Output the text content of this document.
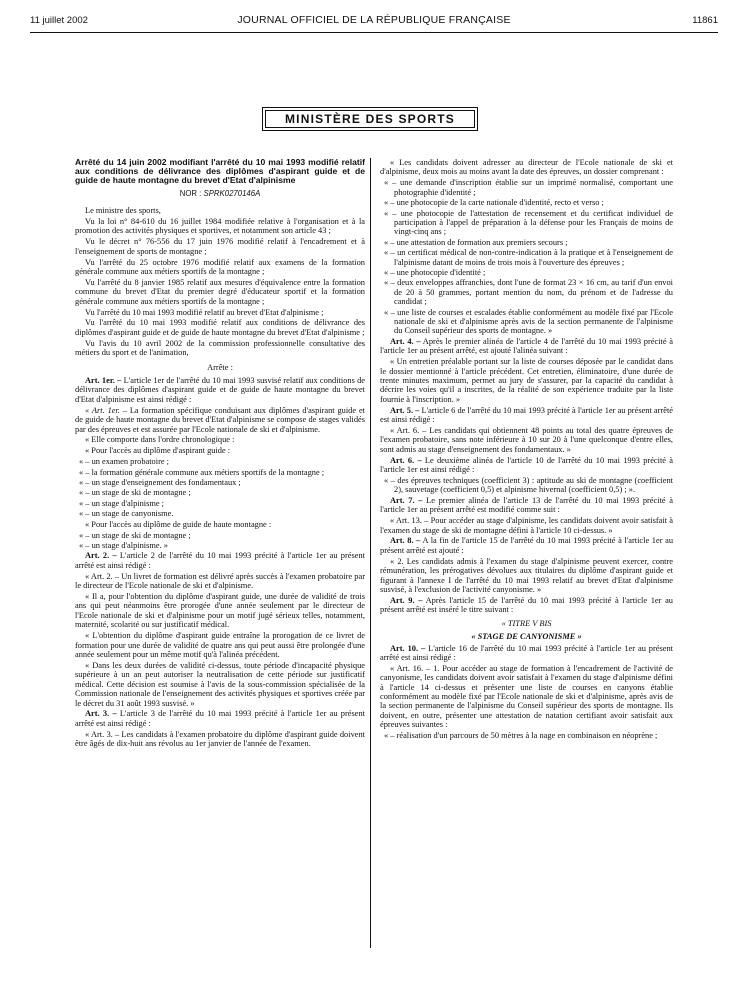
11 juillet 2002	JOURNAL OFFICIEL DE LA RÉPUBLIQUE FRANÇAISE	11861
MINISTÈRE DES SPORTS

Arrêté du 14 juin 2002 modifiant l'arrêté du 10 mai 1993 modifié relatif aux conditions de délivrance des diplômes d'aspirant guide et de guide de haute montagne du brevet d'Etat d'alpinisme

NOR : SPRK0270146A

Le ministre des sports,

Vu la loi n° 84-610 du 16 juillet 1984 modifiée relative à l'organisation et à la promotion des activités physiques et sportives, et notamment son article 43 ;

Vu le décret n° 76-556 du 17 juin 1976 modifié relatif à l'encadrement et à l'enseignement de sports de montagne ;

Vu l'arrêté du 25 octobre 1976 modifié relatif aux examens de la formation générale commune aux métiers sportifs de la montagne ;

Vu l'arrêté du 8 janvier 1985 relatif aux mesures d'équivalence entre la formation commune du brevet d'Etat du premier degré d'éducateur sportif et la formation générale commune aux métiers sportifs de la montagne ;

Vu l'arrêté du 10 mai 1993 modifié relatif au brevet d'Etat d'alpinisme ;

Vu l'arrêté du 10 mai 1993 modifié relatif aux conditions de délivrance des diplômes d'aspirant guide et de guide de haute montagne du brevet d'Etat d'alpinisme ;

Vu l'avis du 10 avril 2002 de la commission professionnelle consultative des métiers du sport et de l'animation,

Arrête :

Art. 1er. – L'article 1er de l'arrêté du 10 mai 1993 susvisé relatif aux conditions de délivrance des diplômes d'aspirant guide et de guide de haute montagne du brevet d'Etat d'alpinisme est ainsi rédigé :

« Art. 1er. – La formation spécifique conduisant aux diplômes d'aspirant guide et de guide de haute montagne du brevet d'Etat d'alpinisme se compose de stages validés par des épreuves et est assurée par l'Ecole nationale de ski et d'alpinisme.

« Elle comporte dans l'ordre chronologique :

« Pour l'accès au diplôme d'aspirant guide :

« – un examen probatoire ;

« – la formation générale commune aux métiers sportifs de la montagne ;

« – un stage d'enseignement des fondamentaux ;

« – un stage de ski de montagne ;

« – un stage d'alpinisme ;

« – un stage de canyonisme.

« Pour l'accès au diplôme de guide de haute montagne :

« – un stage de ski de montagne ;

« – un stage d'alpinisme. »

Art. 2. – L'article 2 de l'arrêté du 10 mai 1993 précité à l'article 1er au présent arrêté est ainsi rédigé :

« Art. 2. – Un livret de formation est délivré après succès à l'examen probatoire par le directeur de l'Ecole nationale de ski et d'alpinisme.

« Il a, pour l'obtention du diplôme d'aspirant guide, une durée de validité de trois ans qui peut néanmoins être prorogée d'une année seulement par le directeur de l'Ecole nationale de ski et d'alpinisme pour un motif jugé sérieux telles, notamment, maternité, scolarité ou sur justificatif médical.

« L'obtention du diplôme d'aspirant guide entraîne la prorogation de ce livret de formation pour une durée de validité de quatre ans qui peut aussi être prolongée d'une année seulement pour un même motif qu'à l'alinéa précédent.

« Dans les deux durées de validité ci-dessus, toute période d'incapacité physique supérieure à un an peut autoriser la neutralisation de cette période sur justificatif médical. Cette décision est soumise à l'avis de la sous-commission spécialisée de la Commission nationale de l'enseignement des activités physiques et sportives créée par le décret du 31 août 1993 susvisé. »

Art. 3. – L'article 3 de l'arrêté du 10 mai 1993 précité à l'article 1er au présent arrêté est ainsi rédigé :

« Art. 3. – Les candidats à l'examen probatoire du diplôme d'aspirant guide doivent être âgés de dix-huit ans révolus au 1er janvier de l'année de l'examen.

« Les candidats doivent adresser au directeur de l'Ecole nationale de ski et d'alpinisme, deux mois au moins avant la date des épreuves, un dossier comprenant :

« – une demande d'inscription établie sur un imprimé normalisé, comportant une photographie d'identité ;

« – une photocopie de la carte nationale d'identité, recto et verso ;

« – une photocopie de l'attestation de recensement et du certificat individuel de participation à l'appel de préparation à la défense pour les Français de moins de vingt-cinq ans ;

« – une attestation de formation aux premiers secours ;

« – un certificat médical de non-contre-indication à la pratique et à l'enseignement de l'alpinisme datant de moins de trois mois à l'ouverture des épreuves ;

« – une photocopie d'identité ;

« – deux enveloppes affranchies, dont l'une de format 23 × 16 cm, au tarif d'un envoi de 20 à 50 grammes, portant mention du nom, du prénom et de l'adresse du candidat ;

« – une liste de courses et escalades établie conformément au modèle fixé par l'Ecole nationale de ski et d'alpinisme après avis de la section permanente de l'alpinisme du Conseil supérieur des sports de montagne. »

Art. 4. – Après le premier alinéa de l'article 4 de l'arrêté du 10 mai 1993 précité à l'article 1er au présent arrêté, est ajouté l'alinéa suivant :

« Un entretien préalable portant sur la liste de courses déposée par le candidat dans le dossier mentionné à l'article précédent. Cet entretien, éliminatoire, d'une durée de trente minutes maximum, permet au jury de s'assurer, par la capacité du candidat à décrire les voies qu'il a inscrites, de la réalité de son expérience traduite par la liste fournie à l'inscription. »

Art. 5. – L'article 6 de l'arrêté du 10 mai 1993 précité à l'article 1er au présent arrêté est ainsi rédigé :

« Art. 6. – Les candidats qui obtiennent 48 points au total des quatre épreuves de l'examen probatoire, sans note inférieure à 10 sur 20 à l'une quelconque d'entre elles, sont admis au stage d'enseignement des fondamentaux. »

Art. 6. – Le deuxième alinéa de l'article 10 de l'arrêté du 10 mai 1993 précité à l'article 1er est ainsi rédigé :

« – des épreuves techniques (coefficient 3) : aptitude au ski de montagne (coefficient 2), sauvetage (coefficient 0,5) et alpinisme hivernal (coefficient 0,5) ; ».

Art. 7. – Le premier alinéa de l'article 13 de l'arrêté du 10 mai 1993 précité à l'article 1er au présent arrêté est modifié comme suit :

« Art. 13. – Pour accéder au stage d'alpinisme, les candidats doivent avoir satisfait à l'examen du stage de ski de montagne défini à l'article 10 ci-dessus. »

Art. 8. – A la fin de l'article 15 de l'arrêté du 10 mai 1993 précité à l'article 1er au présent arrêté est ajouté :

« 2. Les candidats admis à l'examen du stage d'alpinisme peuvent exercer, contre rémunération, les prérogatives dévolues aux titulaires du diplôme d'aspirant guide et figurant à l'annexe I de l'arrêté du 10 mai 1993 relatif au brevet d'Etat d'alpinisme susvisé, à l'exclusion de l'activité canyonisme. »

Art. 9. – Après l'article 15 de l'arrêté du 10 mai 1993 précité à l'article 1er au présent arrêté est inséré le titre suivant :

« TITRE V BIS

« STAGE DE CANYONISME »

Art. 10. – L'article 16 de l'arrêté du 10 mai 1993 précité à l'article 1er au présent arrêté est ainsi rédigé :

« Art. 16. – 1. Pour accéder au stage de formation à l'encadrement de l'activité de canyonisme, les candidats doivent avoir satisfait à l'examen du stage d'alpinisme défini à l'article 14 ci-dessus et présenter une liste de courses en canyons établie conformément au modèle fixé par l'Ecole nationale de ski et d'alpinisme, après avis de la section permanente de l'alpinisme du Conseil supérieur des sports de montagne. Ils doivent, en outre, présenter une attestation de natation certifiant avoir satisfait aux épreuves suivantes :

« – réalisation d'un parcours de 50 mètres à la nage en combinaison en néoprène ;
